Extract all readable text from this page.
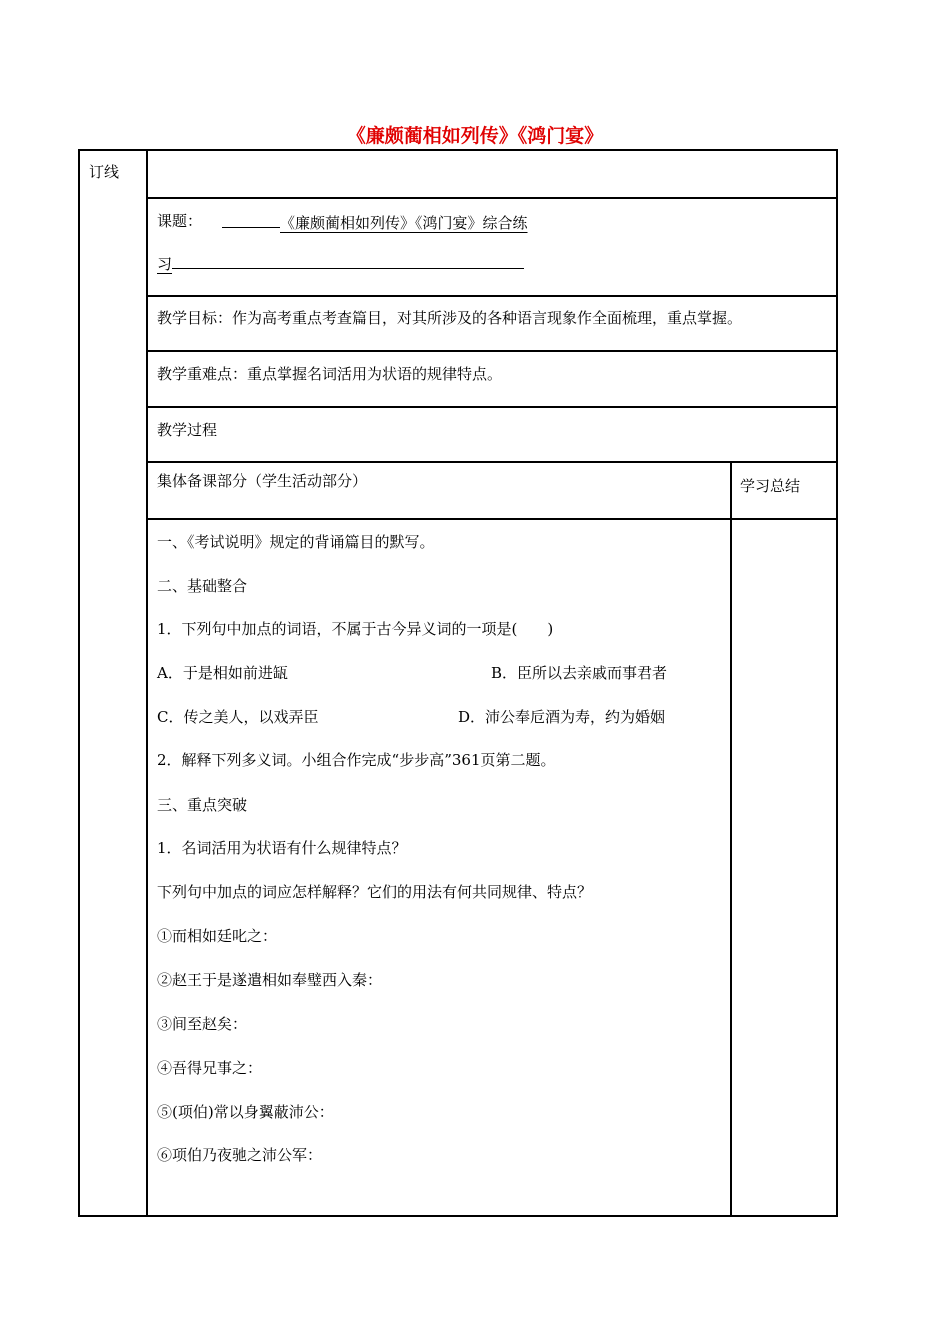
《廉颇蔺相如列传》《鸿门宴》
订线
课题：	《廉颇蔺相如列传》《鸿门宴》综合练
习
教学目标：作为高考重点考查篇目，对其所涉及的各种语言现象作全面梳理，重点掌握。
教学重难点：重点掌握名词活用为状语的规律特点。
教学过程
集体备课部分（学生活动部分）	学习总结
一、《考试说明》规定的背诵篇目的默写。
二、基础整合
1．下列句中加点的词语，不属于古今异义词的一项是(　　)
A．于是相如前进缻	B．臣所以去亲戚而事君者
C．传之美人，以戏弄臣	D．沛公奉卮酒为寿，约为婚姻
2．解释下列多义词。小组合作完成“步步高”361页第二题。
三、重点突破
1．名词活用为状语有什么规律特点？
下列句中加点的词应怎样解释？它们的用法有何共同规律、特点？
①而相如廷叱之：
②赵王于是遂遣相如奉璧西入秦：
③间至赵矣：
④吾得兄事之：
⑤(项伯)常以身翼蔽沛公：
⑥项伯乃夜驰之沛公军：
